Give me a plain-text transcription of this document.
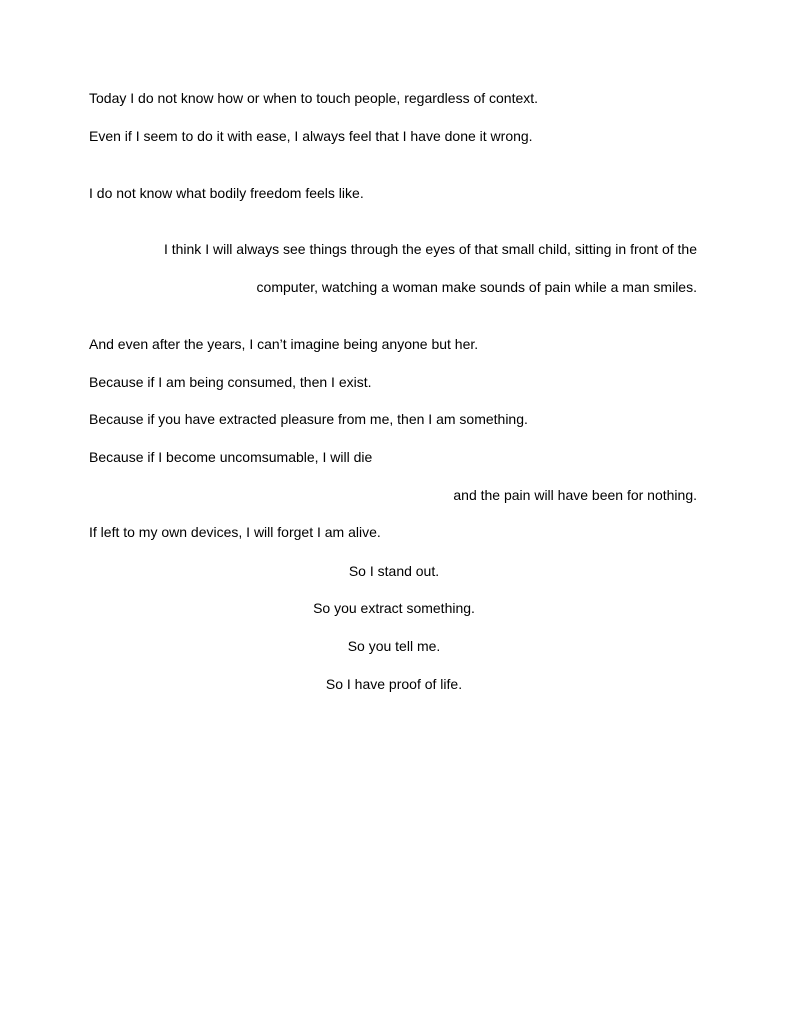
Today I do not know how or when to touch people, regardless of context.

Even if I seem to do it with ease, I always feel that I have done it wrong.

I do not know what bodily freedom feels like.

I think I will always see things through the eyes of that small child, sitting in front of the

computer, watching a woman make sounds of pain while a man smiles.

And even after the years, I can’t imagine being anyone but her.

Because if I am being consumed, then I exist.

Because if you have extracted pleasure from me, then I am something.

Because if I become uncomsumable, I will die

and the pain will have been for nothing.

If left to my own devices, I will forget I am alive.

So I stand out.

So you extract something.

So you tell me.

So I have proof of life.
